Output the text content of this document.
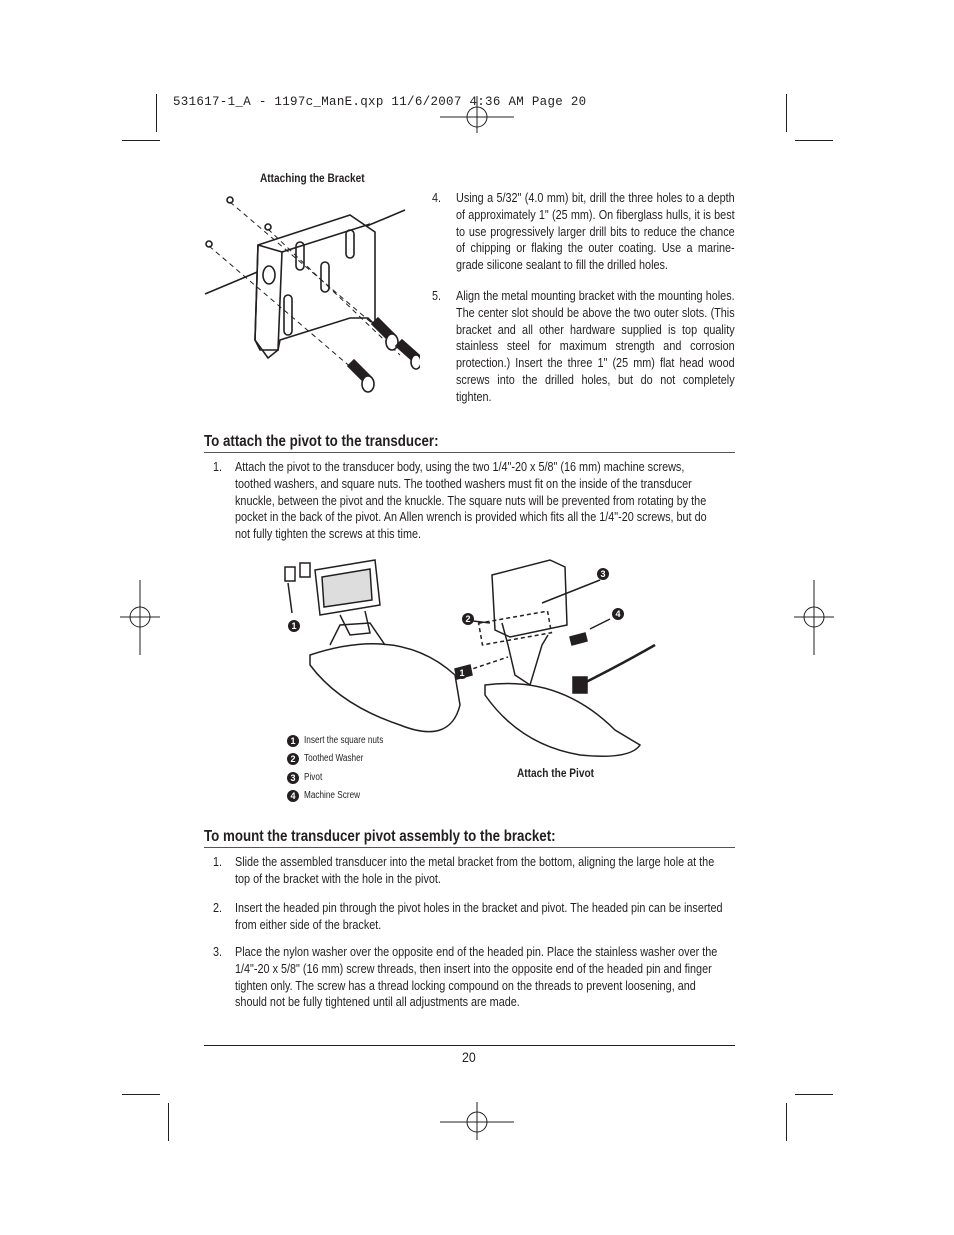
531617-1_A - 1197c_ManE.qxp 11/6/2007 4:36 AM Page 20
Attaching the Bracket
4. Using a 5/32" (4.0 mm) bit, drill the three holes to a depth of approximately 1" (25 mm). On fiberglass hulls, it is best to use progressively larger drill bits to reduce the chance of chipping or flaking the outer coating. Use a marine-grade silicone sealant to fill the drilled holes.
5. Align the metal mounting bracket with the mounting holes. The center slot should be above the two outer slots. (This bracket and all other hardware supplied is top quality stainless steel for maximum strength and corrosion protection.) Insert the three 1" (25 mm) flat head wood screws into the drilled holes, but do not completely tighten.
To attach the pivot to the transducer:
1. Attach the pivot to the transducer body, using the two 1/4"-20 x 5/8" (16 mm) machine screws, toothed washers, and square nuts. The toothed washers must fit on the inside of the transducer knuckle, between the pivot and the knuckle. The square nuts will be prevented from rotating by the pocket in the back of the pivot. An Allen wrench is provided which fits all the 1/4"-20 screws, but do not fully tighten the screws at this time.
1
2
3
4
1
1 Insert the square nuts
2 Toothed Washer
3 Pivot
4 Machine Screw
Attach the Pivot
To mount the transducer pivot assembly to the bracket:
1. Slide the assembled transducer into the metal bracket from the bottom, aligning the large hole at the top of the bracket with the hole in the pivot.
2. Insert the headed pin through the pivot holes in the bracket and pivot. The headed pin can be inserted from either side of the bracket.
3. Place the nylon washer over the opposite end of the headed pin. Place the stainless washer over the 1/4"-20 x 5/8" (16 mm) screw threads, then insert into the opposite end of the headed pin and finger tighten only. The screw has a thread locking compound on the threads to prevent loosening, and should not be fully tightened until all adjustments are made.
20
